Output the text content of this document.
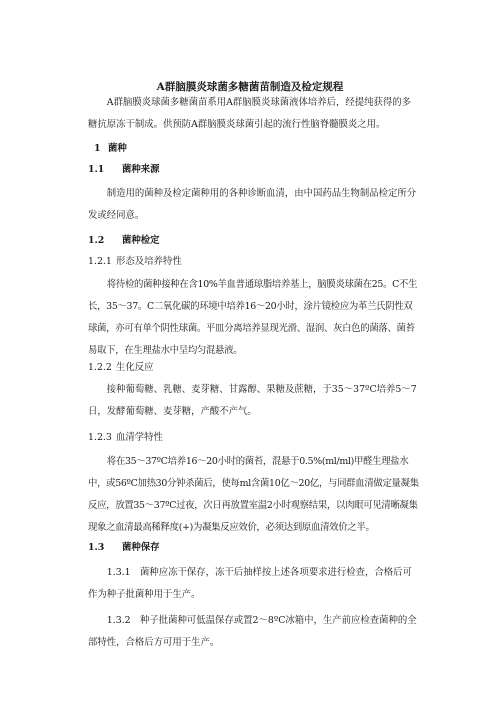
A群脑膜炎球菌多糖菌苗制造及检定规程
A群脑膜炎球菌多糖菌苗系用A群脑膜炎球菌液体培养后，经提纯获得的多糖抗原冻干制成。供预防A群脑膜炎球菌引起的流行性脑脊髓膜炎之用。
1 菌种
1.1 菌种来源
制造用的菌种及检定菌种用的各种诊断血清，由中国药品生物制品检定所分发或经同意。
1.2 菌种检定
1.2.1 形态及培养特性
将待检的菌种接种在含10%羊血普通琼脂培养基上，脑膜炎球菌在25。C不生长，35～37。C二氧化碳的环境中培养16～20小时，涂片镜检应为革兰氏阴性双球菌，亦可有单个阴性球菌。平皿分离培养显现光滑、湿润、灰白色的菌落、菌苔易取下，在生理盐水中呈均匀混悬液。
1.2.2 生化反应
接种葡萄糖、乳糖、麦芽糖、甘露醇、果糖及蔗糖，于35～37ºC培养5～7日，发酵葡萄糖、麦芽糖，产酸不产气。
1.2.3 血清学特性
将在35～37ºC培养16～20小时的菌苔，混悬于0.5%(ml/ml)甲醛生理盐水中，或56ºC加热30分钟杀菌后，使每ml含菌10亿～20亿，与同群血清做定量凝集反应，放置35～37ºC过夜，次日再放置室温2小时观察结果，以肉眼可见清晰凝集现象之血清最高稀释度(+)为凝集反应效价，必须达到原血清效价之半。
1.3 菌种保存
1.3.1　菌种应冻干保存，冻干后抽样按上述各项要求进行检查，合格后可作为种子批菌种用于生产。
1.3.2　种子批菌种可低温保存或置2～8ºC冰箱中，生产前应检查菌种的全部特性，合格后方可用于生产。
